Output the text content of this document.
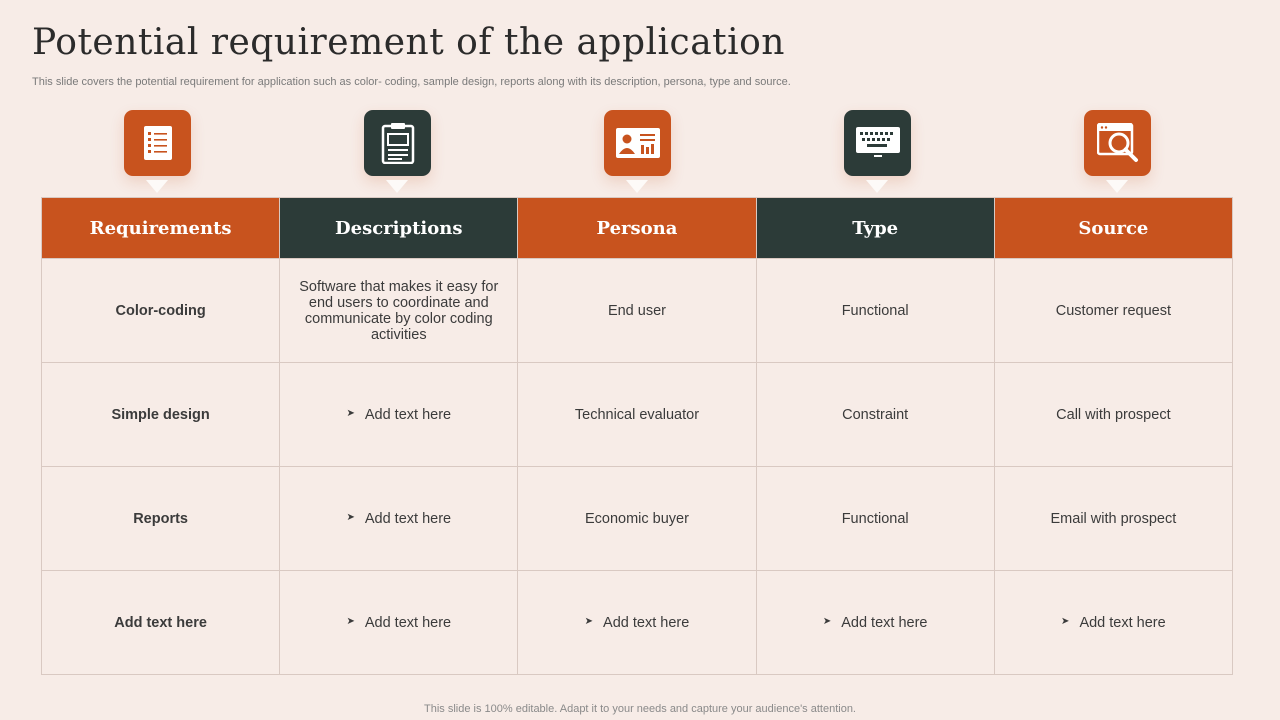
Potential requirement of the application
This slide covers the potential requirement for application such as color- coding, sample design, reports along with its description, persona, type and source.
Requirements	Descriptions	Persona	Type	Source
Color-coding	Software that makes it easy for end users to coordinate and communicate by color coding activities	End user	Functional	Customer request
Simple design	➤ Add text here	Technical evaluator	Constraint	Call with prospect
Reports	➤ Add text here	Economic buyer	Functional	Email with prospect
Add text here	➤ Add text here	➤ Add text here	➤ Add text here	➤ Add text here
This slide is 100% editable. Adapt it to your needs and capture your audience's attention.
